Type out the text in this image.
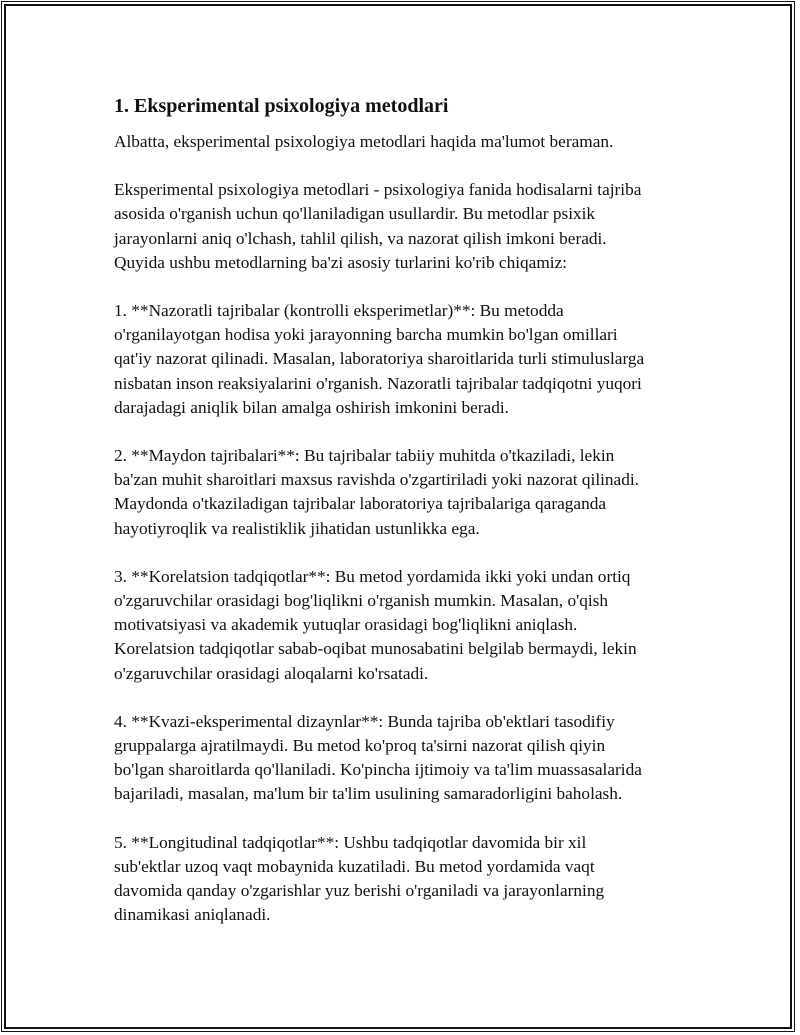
1. Eksperimental psixologiya metodlari
Albatta, eksperimental psixologiya metodlari haqida ma'lumot beraman.
Eksperimental psixologiya metodlari - psixologiya fanida hodisalarni tajriba
asosida o'rganish uchun qo'llaniladigan usullardir. Bu metodlar psixik
jarayonlarni aniq o'lchash, tahlil qilish, va nazorat qilish imkoni beradi.
Quyida ushbu metodlarning ba'zi asosiy turlarini ko'rib chiqamiz:
1. **Nazoratli tajribalar (kontrolli eksperimetlar)**: Bu metodda
o'rganilayotgan hodisa yoki jarayonning barcha mumkin bo'lgan omillari
qat'iy nazorat qilinadi. Masalan, laboratoriya sharoitlarida turli stimuluslarga
nisbatan inson reaksiyalarini o'rganish. Nazoratli tajribalar tadqiqotni yuqori
darajadagi aniqlik bilan amalga oshirish imkonini beradi.
2. **Maydon tajribalari**: Bu tajribalar tabiiy muhitda o'tkaziladi, lekin
ba'zan muhit sharoitlari maxsus ravishda o'zgartiriladi yoki nazorat qilinadi.
Maydonda o'tkaziladigan tajribalar laboratoriya tajribalariga qaraganda
hayotiyroqlik va realistiklik jihatidan ustunlikka ega.
3. **Korelatsion tadqiqotlar**: Bu metod yordamida ikki yoki undan ortiq
o'zgaruvchilar orasidagi bog'liqlikni o'rganish mumkin. Masalan, o'qish
motivatsiyasi va akademik yutuqlar orasidagi bog'liqlikni aniqlash.
Korelatsion tadqiqotlar sabab-oqibat munosabatini belgilab bermaydi, lekin
o'zgaruvchilar orasidagi aloqalarni ko'rsatadi.
4. **Kvazi-eksperimental dizaynlar**: Bunda tajriba ob'ektlari tasodifiy
gruppalarga ajratilmaydi. Bu metod ko'proq ta'sirni nazorat qilish qiyin
bo'lgan sharoitlarda qo'llaniladi. Ko'pincha ijtimoiy va ta'lim muassasalarida
bajariladi, masalan, ma'lum bir ta'lim usulining samaradorligini baholash.
5. **Longitudinal tadqiqotlar**: Ushbu tadqiqotlar davomida bir xil
sub'ektlar uzoq vaqt mobaynida kuzatiladi. Bu metod yordamida vaqt
davomida qanday o'zgarishlar yuz berishi o'rganiladi va jarayonlarning
dinamikasi aniqlanadi.
